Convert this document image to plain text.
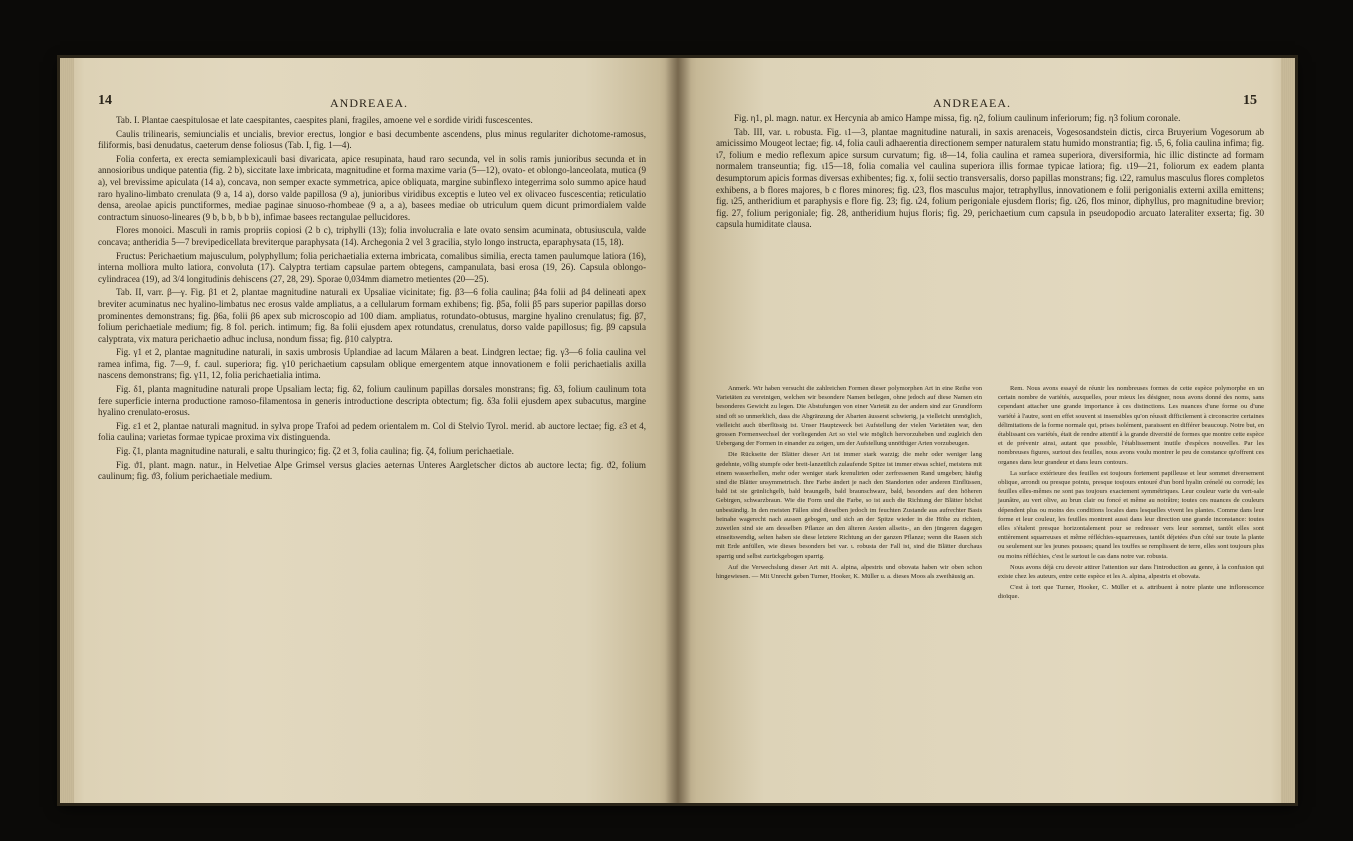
14	ANDREAEA.

Tab. I. Plantae caespitulosae et late caespitantes, caespites plani, fragiles, amoene vel e sordide viridi fuscescentes.

Caulis trilinearis, semiuncialis et uncialis, brevior erectus, longior e basi decumbente ascendens, plus minus regulariter dichotome-ramosus, filiformis, basi denudatus, caeterum dense foliosus (Tab. I, fig. 1—4).

Folia conferta, ex erecta semiamplexicauli basi divaricata, apice resupinata, haud raro secunda, vel in solis ramis junioribus secunda et in annosioribus undique patentia (fig. 2 b), siccitate laxe imbricata, magnitudine et forma maxime varia (5—12), ovato- et oblongo-lanceolata, mutica (9 a), vel brevissime apiculata (14 a), concava, non semper exacte symmetrica, apice obliquata, margine subinflexo integerrima solo summo apice haud raro hyalino-limbato crenulata (9 a, 14 a), dorso valde papillosa (9 a), junioribus viridibus exceptis e luteo vel ex olivaceo fuscescentia; reticulatio densa, areolae apicis punctiformes, mediae paginae sinuoso-rhombeae (9 a, a a), basees mediae ob utriculum quem dicunt primordialem valde contractum sinuoso-lineares (9 b, b b, b b b), infimae basees rectangulae pellucidores.

Flores monoici. Masculi in ramis propriis copiosi (2 b c), triphylli (13); folia involucralia e late ovato sensim acuminata, obtusiuscula, valde concava; antheridia 5—7 brevipedicellata breviterque paraphysata (14). Archegonia 2 vel 3 gracilia, stylo longo instructa, eparaphysata (15, 18).

Fructus: Perichaetium majusculum, polyphyllum; folia perichaetialia externa imbricata, comalibus similia, erecta tamen paulumque latiora (16), interna molliora multo latiora, convoluta (17). Calyptra tertiam capsulae partem obtegens, campanulata, basi erosa (19, 26). Capsula oblongo-cylindracea (19), ad 3/4 longitudinis dehiscens (27, 28, 29). Sporae 0,034mm diametro metientes (20—25).

Tab. II, varr. β—γ. Fig. β1 et 2, plantae magnitudine naturali ex Upsaliae vicinitate; fig. β3—6 folia caulina; β4a folii ad β4 delineati apex breviter acuminatus nec hyalino-limbatus nec erosus valde ampliatus, a a cellularum formam exhibens; fig. β5a, folii β5 pars superior papillas dorso prominentes demonstrans; fig. β6a, folii β6 apex sub microscopio ad 100 diam. ampliatus, rotundato-obtusus, margine hyalino crenulatus; fig. β7, folium perichaetiale medium; fig. 8 fol. perich. intimum; fig. 8a folii ejusdem apex rotundatus, crenulatus, dorso valde papillosus; fig. β9 capsula calyptrata, vix matura perichaetio adhuc inclusa, nondum fissa; fig. β10 calyptra.

Fig. γ1 et 2, plantae magnitudine naturali, in saxis umbrosis Uplandiae ad lacum Mälaren a beat. Lindgren lectae; fig. γ3—6 folia caulina vel ramea infima, fig. 7—9, f. caul. superiora; fig. γ10 perichaetium capsulam oblique emergentem atque innovationem e folii perichaetialis axilla nascens demonstrans; fig. γ11, 12, folia perichaetialia intima.

Fig. δ1, planta magnitudine naturali prope Upsaliam lecta; fig. δ2, folium caulinum papillas dorsales monstrans; fig. δ3, folium caulinum tota fere superficie interna productione ramoso-filamentosa in generis introductione descripta obtectum; fig. δ3a folii ejusdem apex subacutus, margine hyalino crenulato-erosus.

Fig. ε1 et 2, plantae naturali magnitud. in sylva prope Trafoi ad pedem orientalem m. Col di Stelvio Tyrol. merid. ab auctore lectae; fig. ε3 et 4, folia caulina; varietas formae typicae proxima vix distinguenda.

Fig. ζ1, planta magnitudine naturali, e saltu thuringico; fig. ζ2 et 3, folia caulina; fig. ζ4, folium perichaetiale.

Fig. ϑ1, plant. magn. natur., in Helvetiae Alpe Grimsel versus glacies aeternas Unteres Aargletscher dictos ab auctore lecta; fig. ϑ2, folium caulinum; fig. ϑ3, folium perichaetiale medium.

ANDREAEA.	15

Fig. η1, pl. magn. natur. ex Hercynia ab amico Hampe missa, fig. η2, folium caulinum inferiorum; fig. η3 folium coronale.

Tab. III, var. ι. robusta. Fig. ι1—3, plantae magnitudine naturali, in saxis arenaceis, Vogesosandstein dictis, circa Bruyerium Vogesorum ab amicissimo Mougeot lectae; fig. ι4, folia cauli adhaerentia directionem semper naturalem statu humido monstrantia; fig. ι5, 6, folia caulina infima; fig. ι7, folium e medio reflexum apice sursum curvatum; fig. ι8—14, folia caulina et ramea superiora, diversiformia, hic illic distincte ad formam normalem transeuntia; fig. ι15—18, folia comalia vel caulina superiora illis formae typicae latiora; fig. ι19—21, foliorum ex eadem planta desumptorum apicis formas diversas exhibentes; fig. x, folii sectio transversalis, dorso papillas monstrans; fig. ι22, ramulus masculus flores completos exhibens, a b flores majores, b c flores minores; fig. ι23, flos masculus major, tetraphyllus, innovationem e folii perigonialis externi axilla emittens; fig. ι25, antheridium et paraphysis e flore fig. 23; fig. ι24, folium perigoniale ejusdem floris; fig. ι26, flos minor, diphyllus, pro magnitudine brevior; fig. 27, folium perigoniale; fig. 28, antheridium hujus floris; fig. 29, perichaetium cum capsula in pseudopodio arcuato lateraliter exserta; fig. 30 capsula humiditate clausa.

Anmerk. Wir haben versucht die zahlreichen Formen dieser polymorphen Art in eine Reihe von Varietäten zu vereinigen, welchen wir besondere Namen beilegen, ohne jedoch auf diese Namen ein besonderes Gewicht zu legen. Die Abstufungen von einer Varietät zu der andern sind zur Grundform sind oft so unmerklich, dass die Abgränzung der Abarten äusserst schwierig, ja vielleicht unmöglich, vielleicht auch überflüssig ist. Unser Hauptzweck bei Aufstellung der vielen Varietäten war, den grossen Formenwechsel der vorliegenden Art so viel wie möglich hervorzuheben und zugleich den Uebergang der Formen in einander zu zeigen, um der Aufstellung unnöthiger Arten vorzubeugen.

Die Rückseite der Blätter dieser Art ist immer stark warzig; die mehr oder weniger lang gedehnte, völlig stumpfe oder breit-lanzettlich zulaufende Spitze ist immer etwas schief, meistens mit einem wasserhellen, mehr oder weniger stark krenulirten oder zerfressenen Rand umgeben; häufig sind die Blätter unsymmetrisch. Ihre Farbe ändert je nach den Standorten oder anderen Einflüssen, bald ist sie grünlichgelb, bald braungelb, bald braunschwarz, bald, besonders auf den höheren Gebirgen, schwarzbraun. Wie die Form und die Farbe, so ist auch die Richtung der Blätter höchst unbeständig. In den meisten Fällen sind dieselben jedoch im feuchten Zustande aus aufrechter Basis beinahe wagerecht nach aussen gebogen, und sich an der Spitze wieder in die Höhe zu richten, zuweilen sind sie am desselben Pflanze an den älteren Aesten allseits-, an den jüngeren dagegen einseitswendig, selten haben sie diese letztere Richtung an der ganzen Pflanze; wenn die Rasen sich mit Erde anfüllen, wie dieses besonders bei var. ι. robusta der Fall ist, sind die Blätter durchaus sparrig und selbst zurückgebogen sparrig.

Auf die Verwechslung dieser Art mit A. alpina, alpestris und obovata haben wir oben schon hingewiesen. — Mit Unrecht geben Turner, Hooker, K. Müller u. a. dieses Moos als zweihäusig an.

Rem. Nous avons essayé de réunir les nombreuses formes de cette espèce polymorphe en un certain nombre de variétés, auxquelles, pour mieux les désigner, nous avons donné des noms, sans cependant attacher une grande importance à ces distinctions. Les nuances d'une forme ou d'une variété à l'autre, sont en effet souvent si insensibles qu'on réussit difficilement à circonscrire certaines délimitations de la forme normale qui, prises isolément, paraissent en différer beaucoup. Notre but, en établissant ces variétés, était de rendre attentif à la grande diversité de formes que montre cette espèce et de prévenir ainsi, autant que possible, l'établissement inutile d'espèces nouvelles. Par les nombreuses figures, surtout des feuilles, nous avons voulu montrer le peu de constance qu'offrent ces organes dans leur grandeur et dans leurs contours.

La surface extérieure des feuilles est toujours fortement papilleuse et leur sommet diversement oblique, arrondi ou presque pointu, presque toujours entouré d'un bord hyalin crénelé ou corrodé; les feuilles elles-mêmes ne sont pas toujours exactement symmétriques. Leur couleur varie du vert-sale jaunâtre, au vert olive, au brun clair ou foncé et même au noirâtre; toutes ces nuances de couleurs dépendent plus ou moins des conditions locales dans lesquelles vivent les plantes. Comme dans leur forme et leur couleur, les feuilles montrent aussi dans leur direction une grande inconstance: toutes elles s'étalent presque horizontalement pour se redresser vers leur sommet, tantôt elles sont entièrement squarreuses et même réfléchies-squarreuses, tantôt déjetées d'un côté sur toute la plante ou seulement sur les jeunes pousses; quand les touffes se remplissent de terre, elles sont toujours plus ou moins réfléchies, c'est le surtout le cas dans notre var. robusta.

Nous avons déjà cru devoir attirer l'attention sur dans l'introduction au genre, à la confusion qui existe chez les auteurs, entre cette espèce et les A. alpina, alpestris et obovata.

C'est à tort que Turner, Hooker, C. Müller et a. attribuent à notre plante une inflorescence dioïque.
